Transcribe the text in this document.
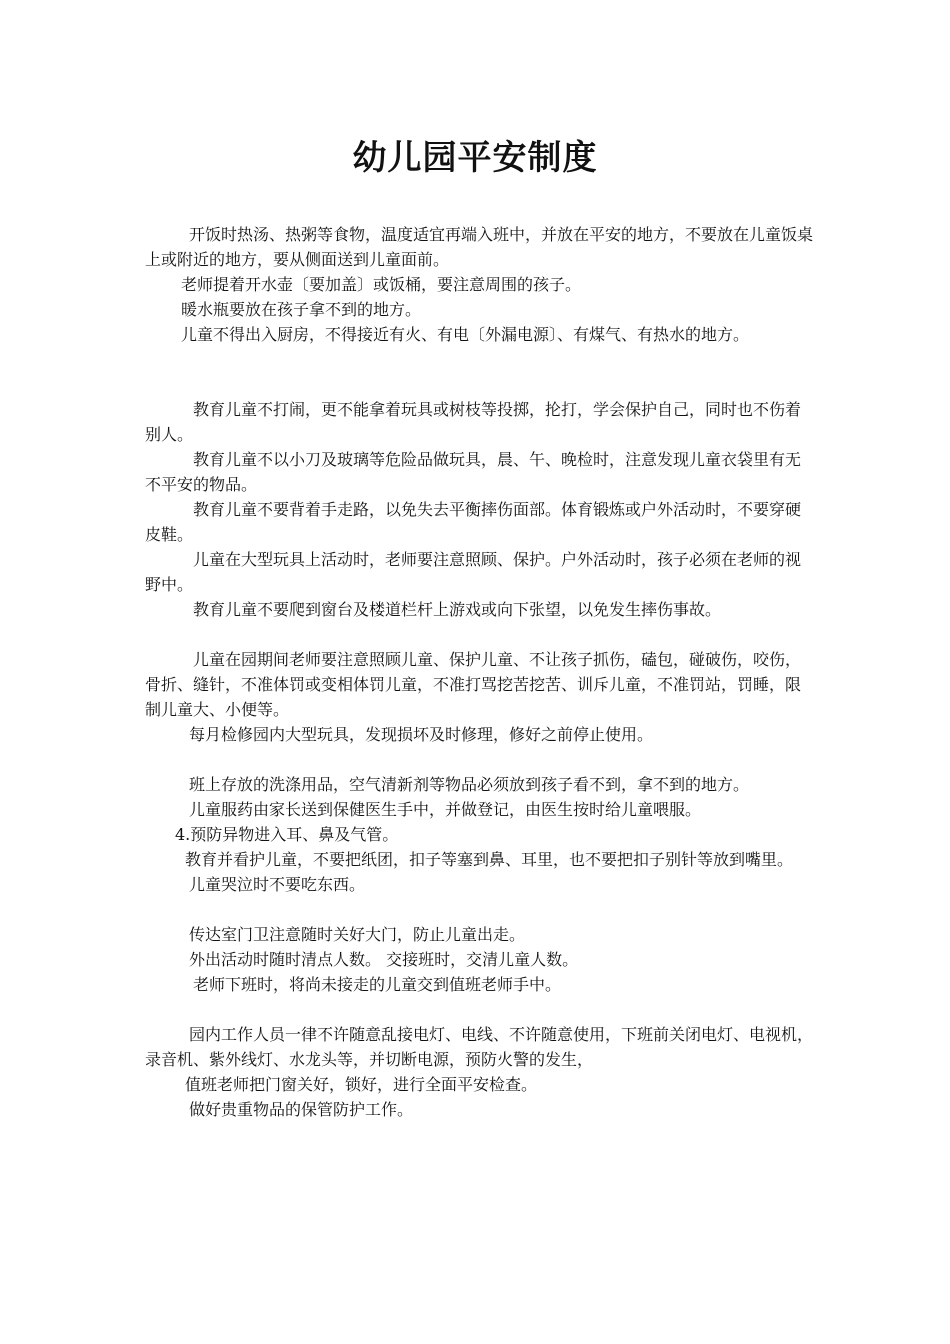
幼儿园平安制度

开饭时热汤、热粥等食物，温度适宜再端入班中，并放在平安的地方，不要放在儿童饭桌上或附近的地方，要从侧面送到儿童面前。

老师提着开水壶〔要加盖〕或饭桶，要注意周围的孩子。

暖水瓶要放在孩子拿不到的地方。

儿童不得出入厨房，不得接近有火、有电〔外漏电源〕、有煤气、有热水的地方。

教育儿童不打闹，更不能拿着玩具或树枝等投掷，抡打，学会保护自己，同时也不伤着别人。

教育儿童不以小刀及玻璃等危险品做玩具，晨、午、晚检时，注意发现儿童衣袋里有无不平安的物品。

教育儿童不要背着手走路，以免失去平衡摔伤面部。体育锻炼或户外活动时，不要穿硬皮鞋。

儿童在大型玩具上活动时，老师要注意照顾、保护。户外活动时，孩子必须在老师的视野中。

教育儿童不要爬到窗台及楼道栏杆上游戏或向下张望，以免发生摔伤事故。

儿童在园期间老师要注意照顾儿童、保护儿童、不让孩子抓伤，磕包，碰破伤，咬伤，骨折、缝针，不准体罚或变相体罚儿童，不准打骂挖苦挖苦、训斥儿童，不准罚站，罚睡，限制儿童大、小便等。

每月检修园内大型玩具，发现损坏及时修理，修好之前停止使用。

班上存放的洗涤用品，空气清新剂等物品必须放到孩子看不到，拿不到的地方。

儿童服药由家长送到保健医生手中，并做登记，由医生按时给儿童喂服。

4.预防异物进入耳、鼻及气管。

教育并看护儿童，不要把纸团，扣子等塞到鼻、耳里，也不要把扣子别针等放到嘴里。

儿童哭泣时不要吃东西。

传达室门卫注意随时关好大门，防止儿童出走。

外出活动时随时清点人数。 交接班时，交清儿童人数。

老师下班时，将尚未接走的儿童交到值班老师手中。

园内工作人员一律不许随意乱接电灯、电线、不许随意使用，下班前关闭电灯、电视机，录音机、紫外线灯、水龙头等，并切断电源，预防火警的发生，

值班老师把门窗关好，锁好，进行全面平安检查。

做好贵重物品的保管防护工作。
